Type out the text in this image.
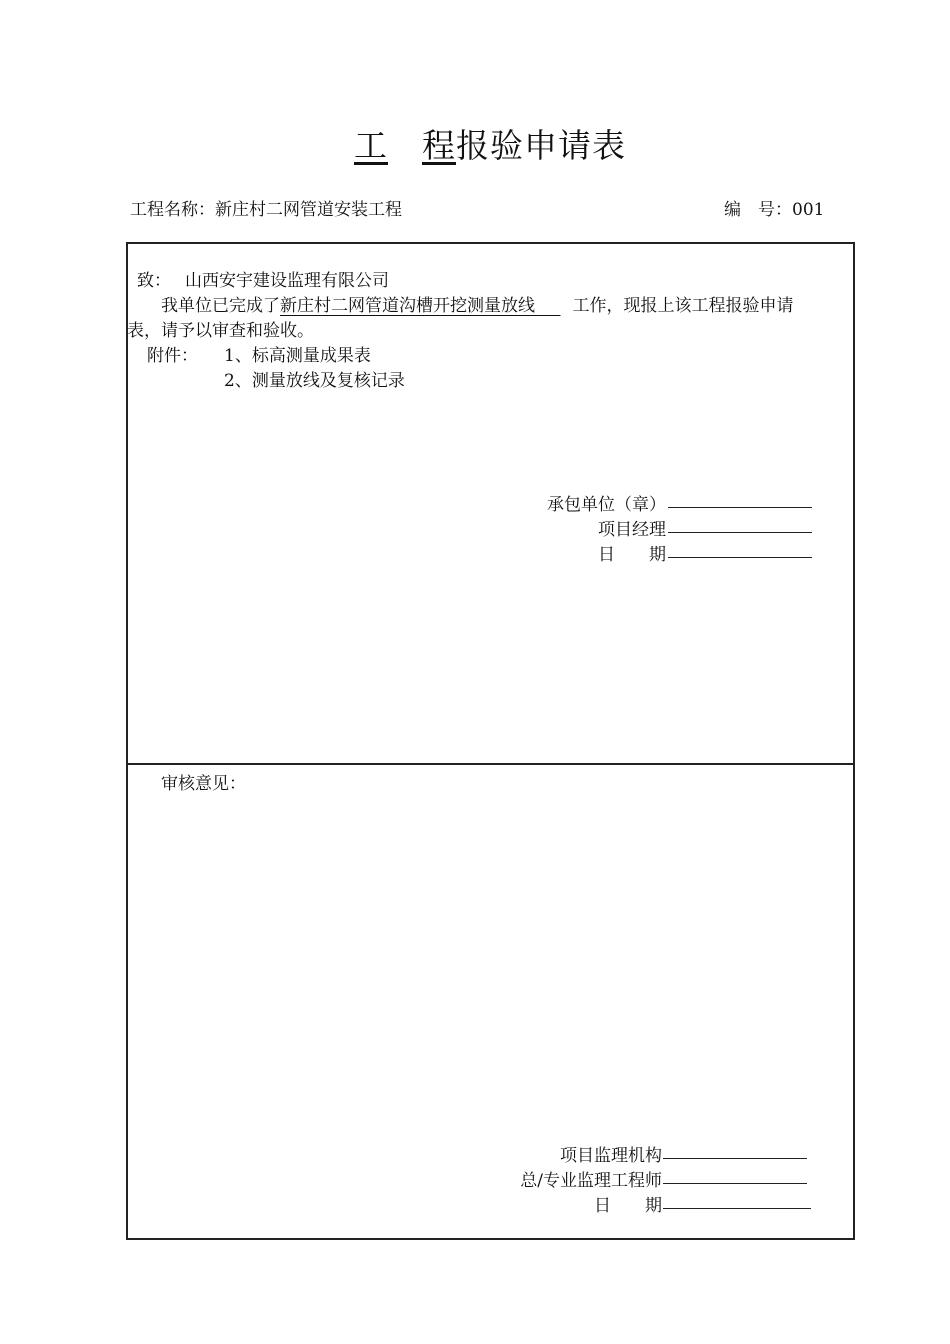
工 程报验申请表
工程名称：新庄村二网管道安装工程	编　号：001
致： 山西安宇建设监理有限公司
我单位已完成了新庄村二网管道沟槽开挖测量放线   工作，现报上该工程报验申请
表，请予以审查和验收。
附件： 1、标高测量成果表
2、测量放线及复核记录
承包单位（章）
项目经理
日　　期
审核意见：
项目监理机构
总/专业监理工程师
日　　期
